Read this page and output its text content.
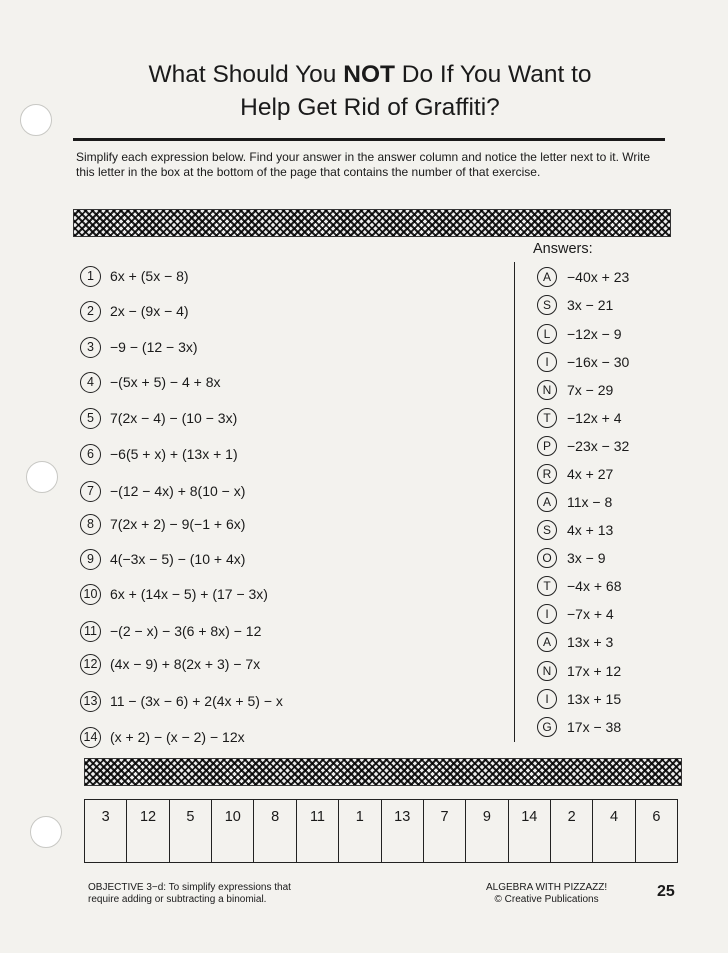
What Should You NOT Do If You Want to
Help Get Rid of Graffiti?
Simplify each expression below. Find your answer in the answer column and notice the letter next to it. Write this letter in the box at the bottom of the page that contains the number of that exercise.
Answers:
1	6x + (5x − 8)
2	2x − (9x − 4)
3	−9 − (12 − 3x)
4	−(5x + 5) − 4 + 8x
5	7(2x − 4) − (10 − 3x)
6	−6(5 + x) + (13x + 1)
7	−(12 − 4x) + 8(10 − x)
8	7(2x + 2) − 9(−1 + 6x)
9	4(−3x − 5) − (10 + 4x)
10 6x + (14x − 5) + (17 − 3x)
11 −(2 − x) − 3(6 + 8x) − 12
12 (4x − 9) + 8(2x + 3) − 7x
13 11 − (3x − 6) + 2(4x + 5) − x
14 (x + 2) − (x − 2) − 12x
A	−40x + 23
S	3x − 21
L	−12x − 9
I	−16x − 30
N	7x − 29
T	−12x + 4
P	−23x − 32
R	4x + 27
A	11x − 8
S	4x + 13
O	3x − 9
T	−4x + 68
I	−7x + 4
A	13x + 3
N	17x + 12
I	13x + 15
G	17x − 38
3	12	5	10	8	11	1	13	7	9	14	2	4	6
OBJECTIVE 3−d: To simplify expressions that
require adding or subtracting a binomial.
ALGEBRA WITH PIZZAZZ!
© Creative Publications	25
